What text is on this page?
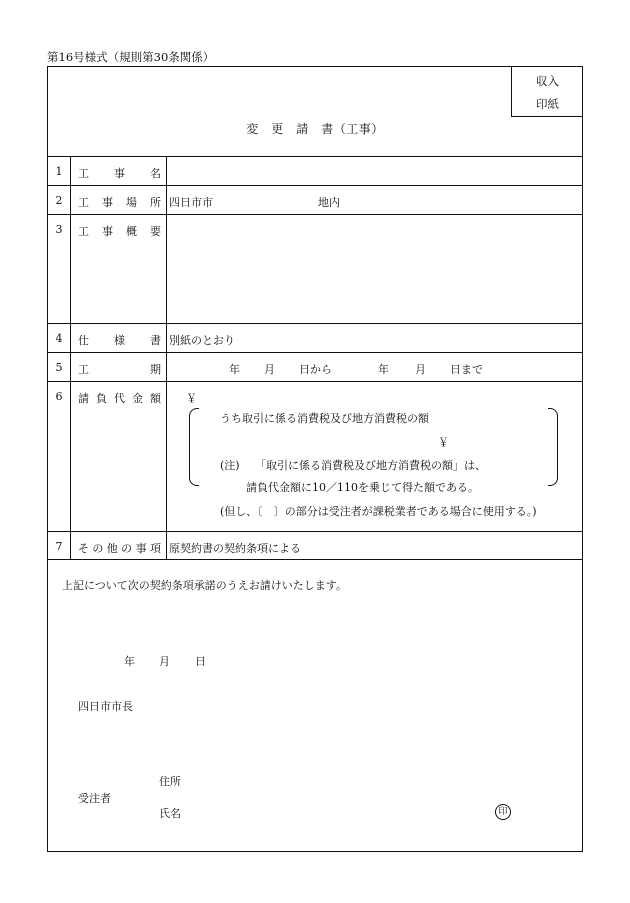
第16号様式（規則第30条関係）
収入
印紙
変　更　請　書（工事）
1	工 事 名
2	工 事 場 所 四日市市	地内
3	工 事 概 要
4	仕 様 書 別紙のとおり
5	工	期	年 月 日から	年 月 日まで
6	請 負 代 金 額 ￥
うち取引に係る消費税及び地方消費税の額
￥
(注) 「取引に係る消費税及び地方消費税の額」は、
請負代金額に10／110を乗じて得た額である。
(但し、〔　〕の部分は受注者が課税業者である場合に使用する。)
7	そ の 他 の 事 項 原契約書の契約条項による
上記について次の契約条項承諾のうえお請けいたします。
年 月 日
四日市市長
住所
受注者
氏名	印
